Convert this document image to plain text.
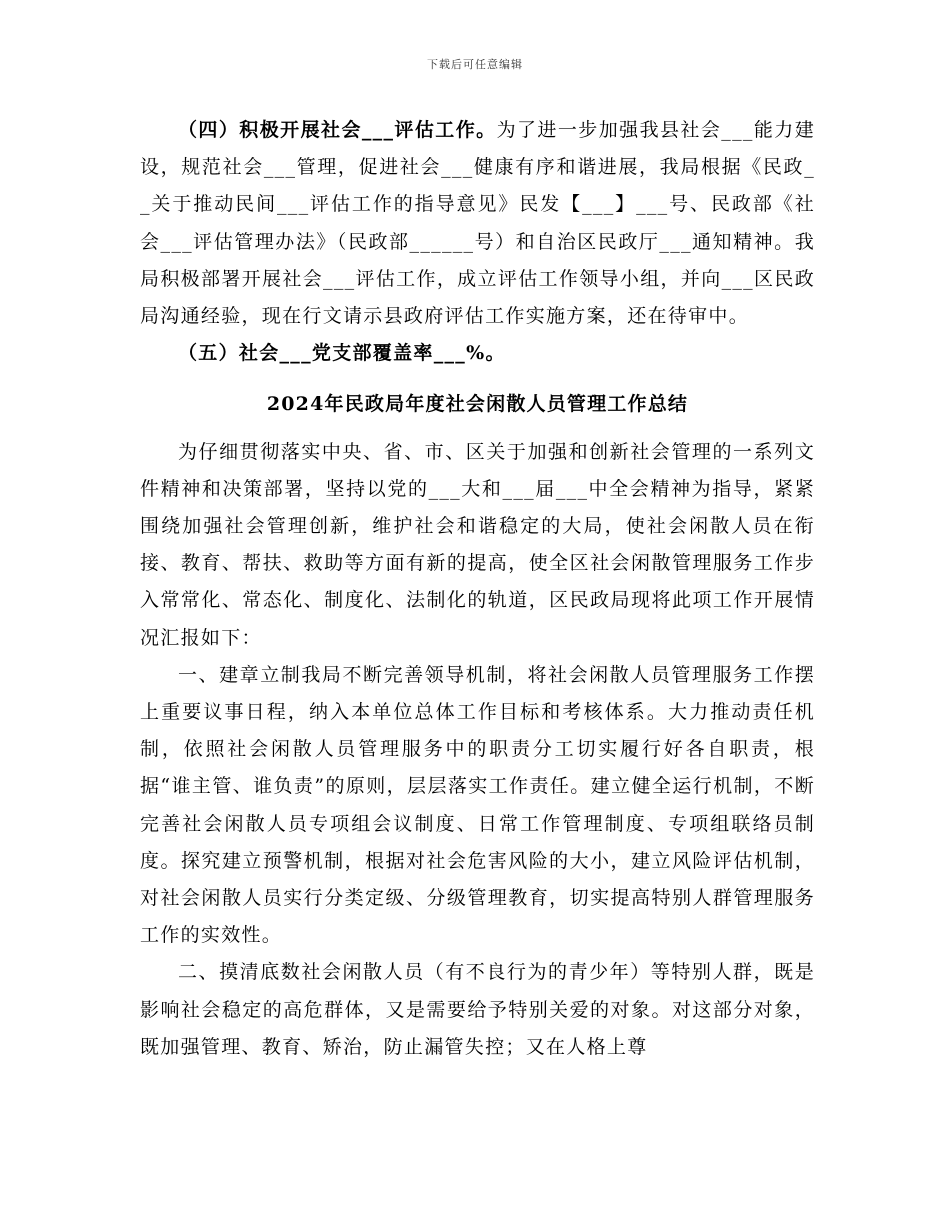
下载后可任意编辑

（四）积极开展社会___评估工作。为了进一步加强我县社会___能力建设，规范社会___管理，促进社会___健康有序和谐进展，我局根据《民政__关于推动民间___评估工作的指导意见》民发【___】___号、民政部《社会___评估管理办法》（民政部______号）和自治区民政厅___通知精神。我局积极部署开展社会___评估工作，成立评估工作领导小组，并向___区民政局沟通经验，现在行文请示县政府评估工作实施方案，还在待审中。

（五）社会___党支部覆盖率___%。

2024年民政局年度社会闲散人员管理工作总结

为仔细贯彻落实中央、省、市、区关于加强和创新社会管理的一系列文件精神和决策部署，坚持以党的___大和___届___中全会精神为指导，紧紧围绕加强社会管理创新，维护社会和谐稳定的大局，使社会闲散人员在衔接、教育、帮扶、救助等方面有新的提高，使全区社会闲散管理服务工作步入常常化、常态化、制度化、法制化的轨道，区民政局现将此项工作开展情况汇报如下：

一、建章立制我局不断完善领导机制，将社会闲散人员管理服务工作摆上重要议事日程，纳入本单位总体工作目标和考核体系。大力推动责任机制，依照社会闲散人员管理服务中的职责分工切实履行好各自职责，根据“谁主管、谁负责”的原则，层层落实工作责任。建立健全运行机制，不断完善社会闲散人员专项组会议制度、日常工作管理制度、专项组联络员制度。探究建立预警机制，根据对社会危害风险的大小，建立风险评估机制，对社会闲散人员实行分类定级、分级管理教育，切实提高特别人群管理服务工作的实效性。

二、摸清底数社会闲散人员（有不良行为的青少年）等特别人群，既是影响社会稳定的高危群体，又是需要给予特别关爱的对象。对这部分对象，既加强管理、教育、矫治，防止漏管失控；又在人格上尊
